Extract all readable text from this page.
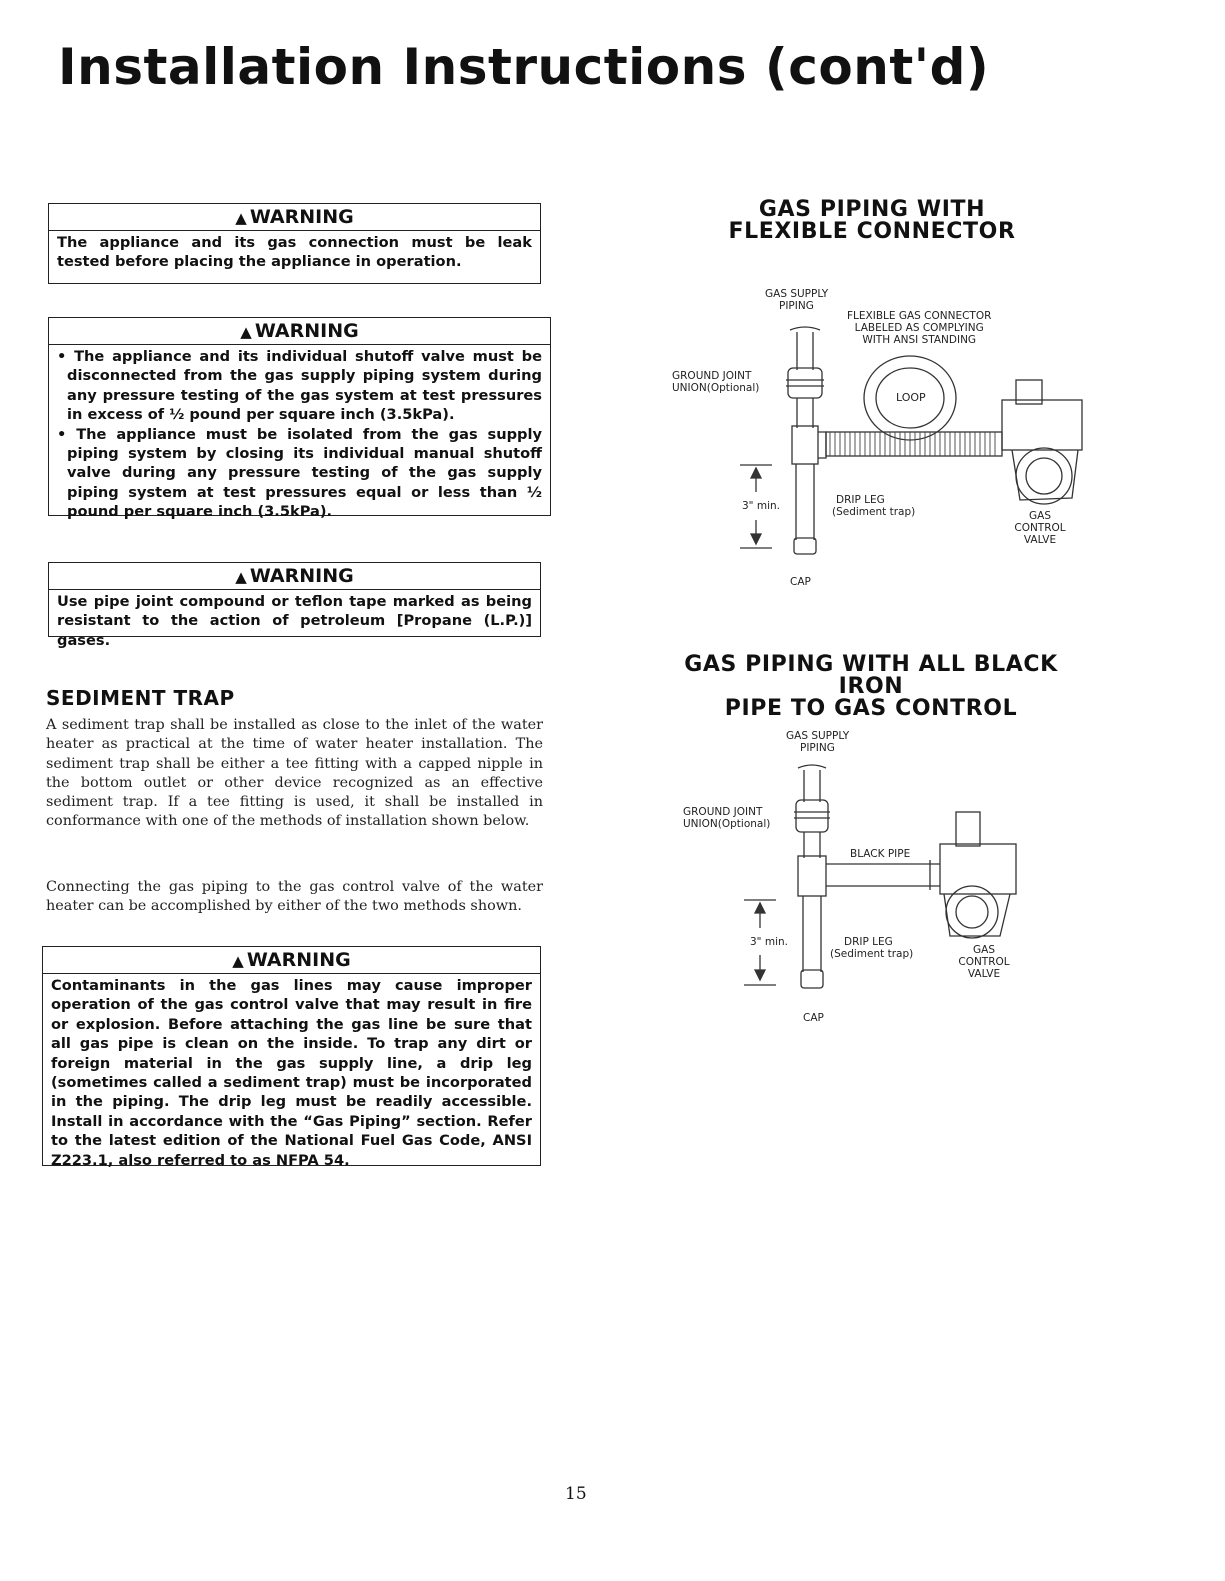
Installation Instructions (cont'd)
▲ WARNING

The appliance and its gas connection must be leak tested before placing the appliance in operation.

▲ WARNING

• The appliance and its individual shutoff valve must be disconnected from the gas supply piping system during any pressure testing of the gas system at test pressures in excess of ½ pound per square inch (3.5kPa).

• The appliance must be isolated from the gas supply piping system by closing its individual manual shutoff valve during any pressure testing of the gas supply piping system at test pressures equal or less than ½ pound per square inch (3.5kPa).

▲ WARNING

Use pipe joint compound or teflon tape marked as being resistant to the action of petroleum [Propane (L.P.)] gases.

SEDIMENT TRAP

A sediment trap shall be installed as close to the inlet of the water heater as practical at the time of water heater installation. The sediment trap shall be either a tee fitting with a capped nipple in the bottom outlet or other device recognized as an effective sediment trap. If a tee fitting is used, it shall be installed in conformance with one of the methods of installation shown below.

Connecting the gas piping to the gas control valve of the water heater can be accomplished by either of the two methods shown.

▲ WARNING

Contaminants in the gas lines may cause improper operation of the gas control valve that may result in fire or explosion. Before attaching the gas line be sure that all gas pipe is clean on the inside. To trap any dirt or foreign material in the gas supply line, a drip leg (sometimes called a sediment trap) must be incorporated in the piping. The drip leg must be readily accessible. Install in accordance with the “Gas Piping” section. Refer to the latest edition of the National Fuel Gas Code, ANSI Z223.1, also referred to as NFPA 54.

GAS PIPING WITH
FLEXIBLE CONNECTOR
GAS SUPPLY
PIPING
FLEXIBLE GAS CONNECTOR
LABELED AS COMPLYING
WITH ANSI STANDING
GROUND JOINT
UNION(Optional)
LOOP
DRIP LEG
(Sediment trap)
3" min.
GAS
CONTROL
VALVE
CAP
GAS PIPING WITH ALL BLACK IRON
PIPE TO GAS CONTROL
GAS SUPPLY
PIPING
GROUND JOINT
UNION(Optional)
BLACK PIPE
DRIP LEG
(Sediment trap)
3" min.
GAS
CONTROL
VALVE
CAP
15
